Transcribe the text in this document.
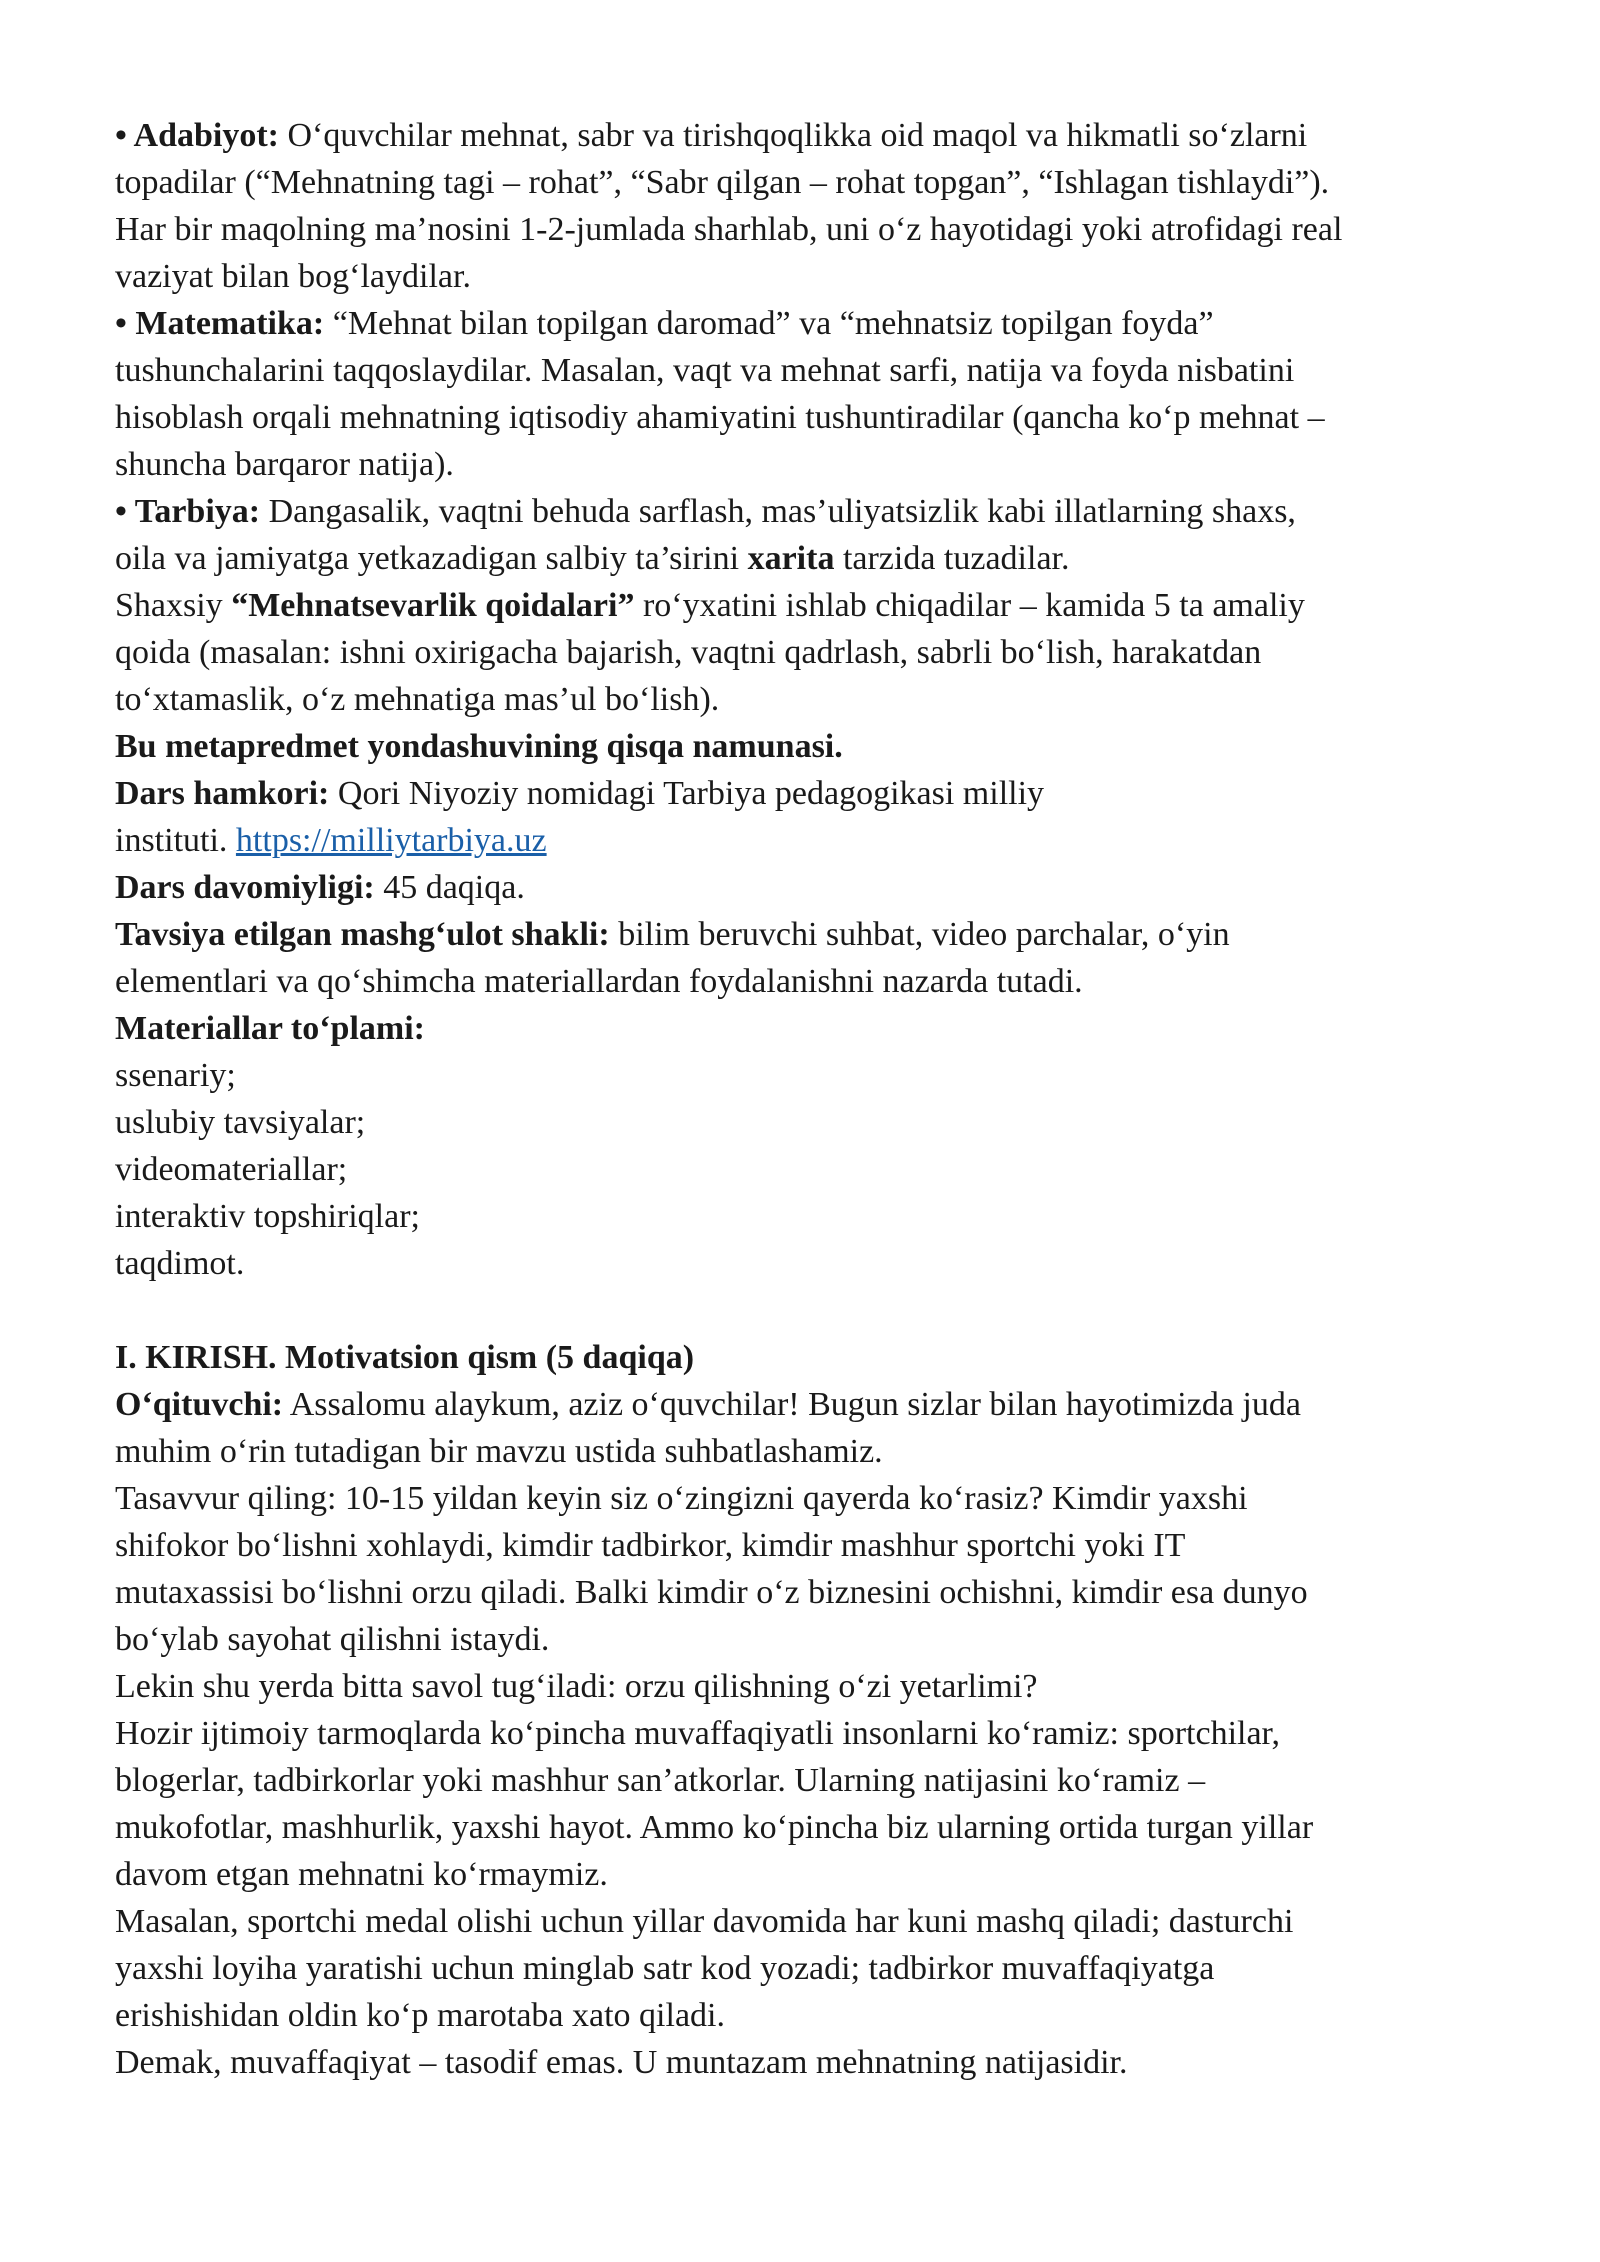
• Adabiyot: O‘quvchilar mehnat, sabr va tirishqoqlikka oid maqol va hikmatli so‘zlarni
topadilar (“Mehnatning tagi – rohat”, “Sabr qilgan – rohat topgan”, “Ishlagan tishlaydi”).
Har bir maqolning ma’nosini 1-2-jumlada sharhlab, uni o‘z hayotidagi yoki atrofidagi real
vaziyat bilan bog‘laydilar.
• Matematika: “Mehnat bilan topilgan daromad” va “mehnatsiz topilgan foyda”
tushunchalarini taqqoslaydilar. Masalan, vaqt va mehnat sarfi, natija va foyda nisbatini
hisoblash orqali mehnatning iqtisodiy ahamiyatini tushuntiradilar (qancha ko‘p mehnat –
shuncha barqaror natija).
• Tarbiya: Dangasalik, vaqtni behuda sarflash, mas’uliyatsizlik kabi illatlarning shaxs,
oila va jamiyatga yetkazadigan salbiy ta’sirini xarita tarzida tuzadilar.
Shaxsiy “Mehnatsevarlik qoidalari” ro‘yxatini ishlab chiqadilar – kamida 5 ta amaliy
qoida (masalan: ishni oxirigacha bajarish, vaqtni qadrlash, sabrli bo‘lish, harakatdan
to‘xtamaslik, o‘z mehnatiga mas’ul bo‘lish).
Bu metapredmet yondashuvining qisqa namunasi.
Dars hamkori: Qori Niyoziy nomidagi Tarbiya pedagogikasi milliy
instituti. https://milliytarbiya.uz
Dars davomiyligi: 45 daqiqa.
Tavsiya etilgan mashg‘ulot shakli: bilim beruvchi suhbat, video parchalar, o‘yin
elementlari va qo‘shimcha materiallardan foydalanishni nazarda tutadi.
Materiallar to‘plami:
ssenariy;
uslubiy tavsiyalar;
videomateriallar;
interaktiv topshiriqlar;
taqdimot.
I. KIRISH. Motivatsion qism (5 daqiqa)
O‘qituvchi: Assalomu alaykum, aziz o‘quvchilar! Bugun sizlar bilan hayotimizda juda
muhim o‘rin tutadigan bir mavzu ustida suhbatlashamiz.
Tasavvur qiling: 10-15 yildan keyin siz o‘zingizni qayerda ko‘rasiz? Kimdir yaxshi
shifokor bo‘lishni xohlaydi, kimdir tadbirkor, kimdir mashhur sportchi yoki IT
mutaxassisi bo‘lishni orzu qiladi. Balki kimdir o‘z biznesini ochishni, kimdir esa dunyo
bo‘ylab sayohat qilishni istaydi.
Lekin shu yerda bitta savol tug‘iladi: orzu qilishning o‘zi yetarlimi?
Hozir ijtimoiy tarmoqlarda ko‘pincha muvaffaqiyatli insonlarni ko‘ramiz: sportchilar,
blogerlar, tadbirkorlar yoki mashhur san’atkorlar. Ularning natijasini ko‘ramiz –
mukofotlar, mashhurlik, yaxshi hayot. Ammo ko‘pincha biz ularning ortida turgan yillar
davom etgan mehnatni ko‘rmaymiz.
Masalan, sportchi medal olishi uchun yillar davomida har kuni mashq qiladi; dasturchi
yaxshi loyiha yaratishi uchun minglab satr kod yozadi; tadbirkor muvaffaqiyatga
erishishidan oldin ko‘p marotaba xato qiladi.
Demak, muvaffaqiyat – tasodif emas. U muntazam mehnatning natijasidir.
